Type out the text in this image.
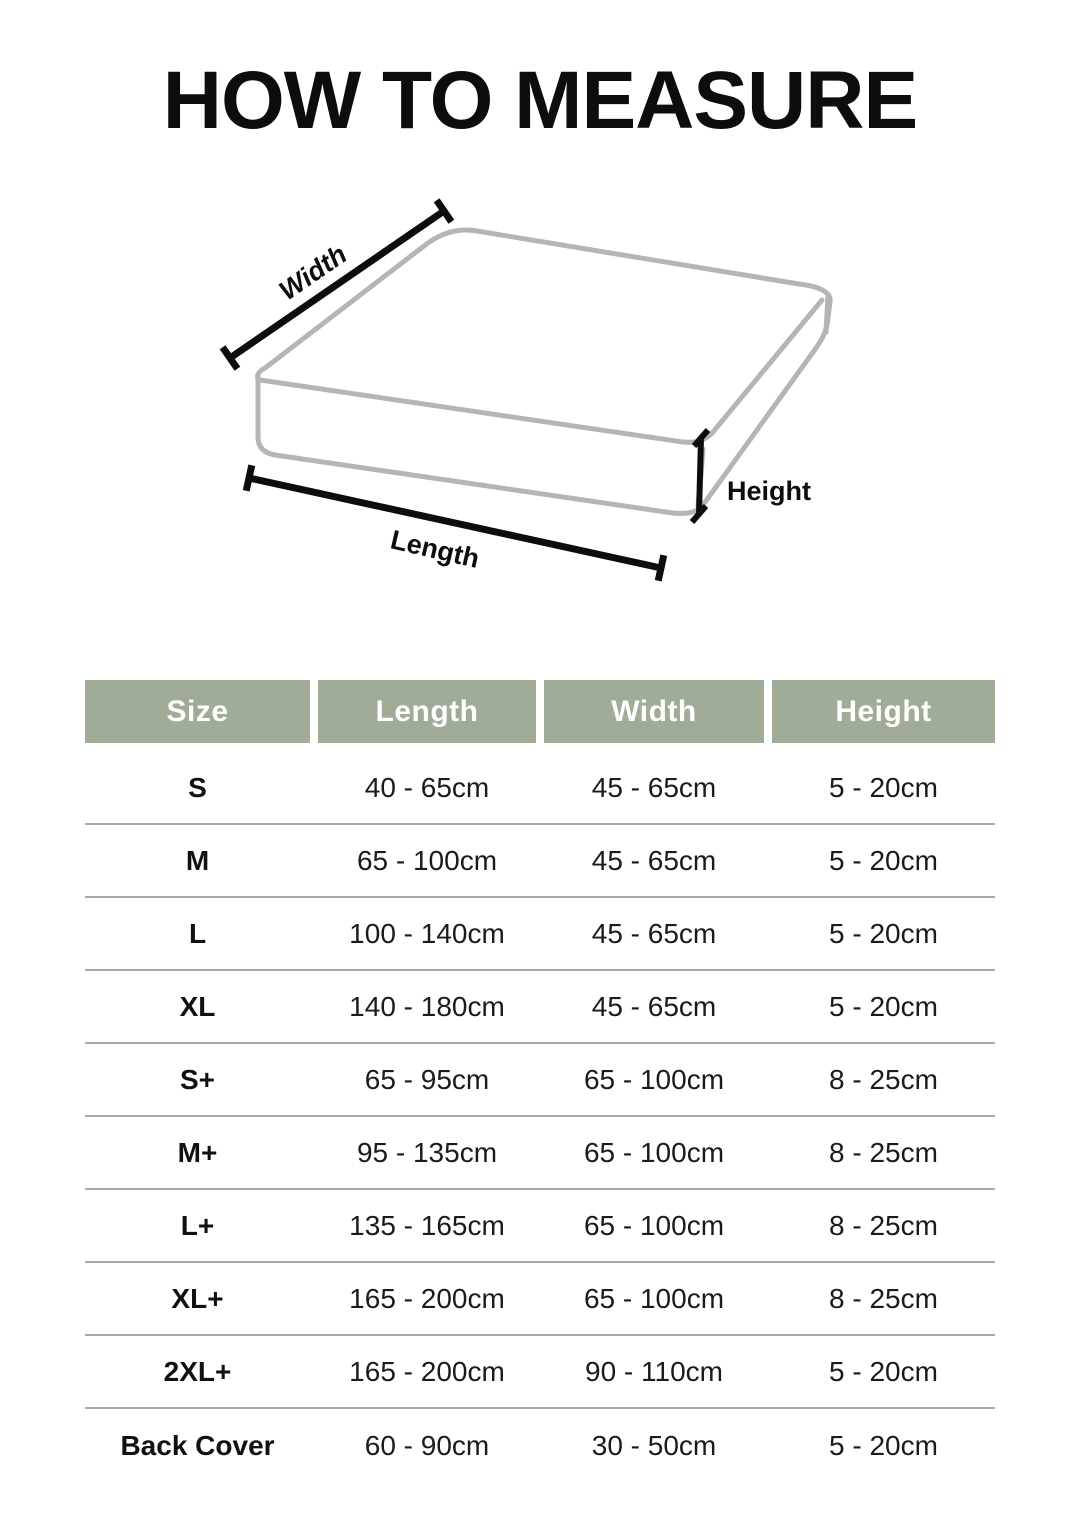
HOW TO MEASURE
Width
Length
Height
Size	Length	Width	Height
S	40 - 65cm	45 - 65cm	5 - 20cm
M	65 - 100cm	45 - 65cm	5 - 20cm
L	100 - 140cm	45 - 65cm	5 - 20cm
XL	140 - 180cm	45 - 65cm	5 - 20cm
S+	65 - 95cm	65 - 100cm	8 - 25cm
M+	95 - 135cm	65 - 100cm	8 - 25cm
L+	135 - 165cm	65 - 100cm	8 - 25cm
XL+	165 - 200cm	65 - 100cm	8 - 25cm
2XL+	165 - 200cm	90 - 110cm	5 - 20cm
Back Cover	60 - 90cm	30 - 50cm	5 - 20cm
